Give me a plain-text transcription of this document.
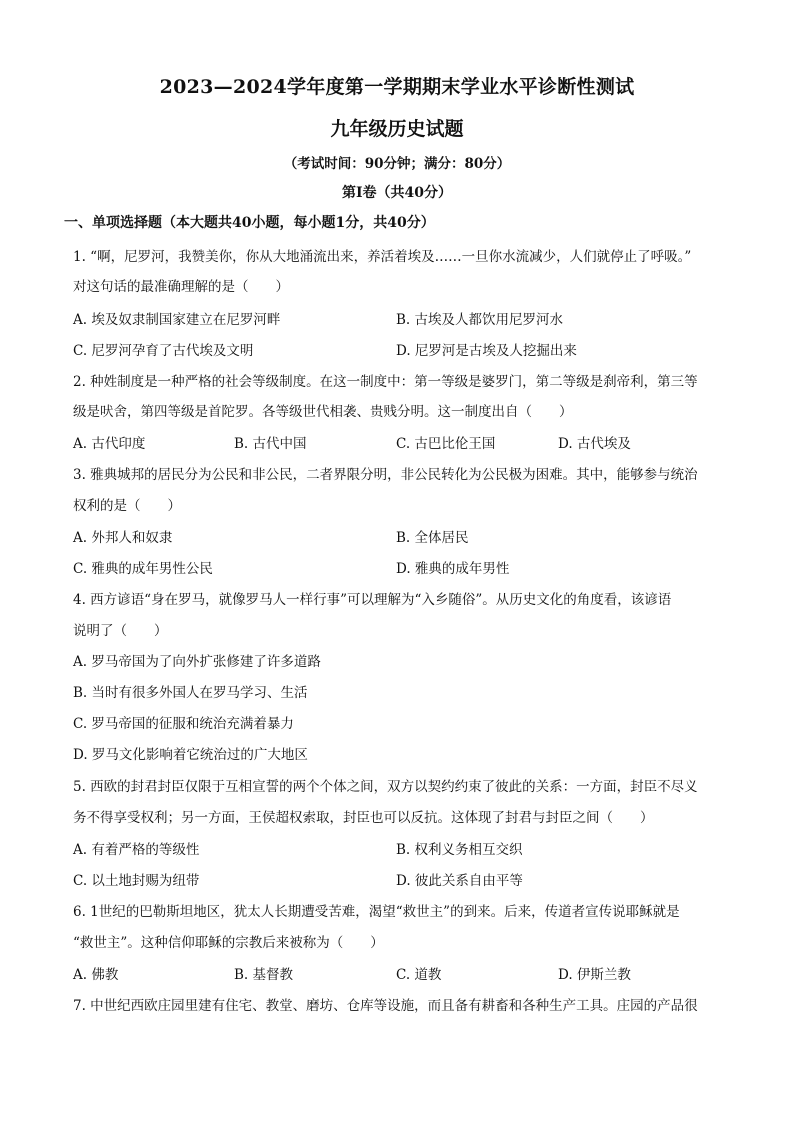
2023—2024学年度第一学期期末学业水平诊断性测试
九年级历史试题
（考试时间：90分钟；满分：80分）
第Ⅰ卷（共40分）
一、单项选择题（本大题共40小题，每小题1分，共40分）
1. “啊，尼罗河，我赞美你，你从大地涌流出来，养活着埃及……一旦你水流减少，人们就停止了呼吸。”
对这句话的最准确理解的是（　　）
A. 埃及奴隶制国家建立在尼罗河畔	B. 古埃及人都饮用尼罗河水
C. 尼罗河孕育了古代埃及文明	D. 尼罗河是古埃及人挖掘出来
2. 种姓制度是一种严格的社会等级制度。在这一制度中：第一等级是婆罗门，第二等级是刹帝利，第三等
级是吠舍，第四等级是首陀罗。各等级世代相袭、贵贱分明。这一制度出自（　　）
A. 古代印度	B. 古代中国	C. 古巴比伦王国	D. 古代埃及
3. 雅典城邦的居民分为公民和非公民，二者界限分明，非公民转化为公民极为困难。其中，能够参与统治
权利的是（　　）
A. 外邦人和奴隶	B. 全体居民
C. 雅典的成年男性公民	D. 雅典的成年男性
4. 西方谚语“身在罗马，就像罗马人一样行事”可以理解为“入乡随俗”。从历史文化的角度看，该谚语
说明了（　　）
A. 罗马帝国为了向外扩张修建了许多道路
B. 当时有很多外国人在罗马学习、生活
C. 罗马帝国的征服和统治充满着暴力
D. 罗马文化影响着它统治过的广大地区
5. 西欧的封君封臣仅限于互相宣誓的两个个体之间，双方以契约约束了彼此的关系：一方面，封臣不尽义
务不得享受权利；另一方面，王侯超权索取，封臣也可以反抗。这体现了封君与封臣之间（　　）
A. 有着严格的等级性	B. 权利义务相互交织
C. 以土地封赐为纽带	D. 彼此关系自由平等
6. 1世纪的巴勒斯坦地区，犹太人长期遭受苦难，渴望“救世主”的到来。后来，传道者宣传说耶稣就是
“救世主”。这种信仰耶稣的宗教后来被称为（　　）
A. 佛教	B. 基督教	C. 道教	D. 伊斯兰教
7. 中世纪西欧庄园里建有住宅、教堂、磨坊、仓库等设施，而且备有耕畜和各种生产工具。庄园的产品很
